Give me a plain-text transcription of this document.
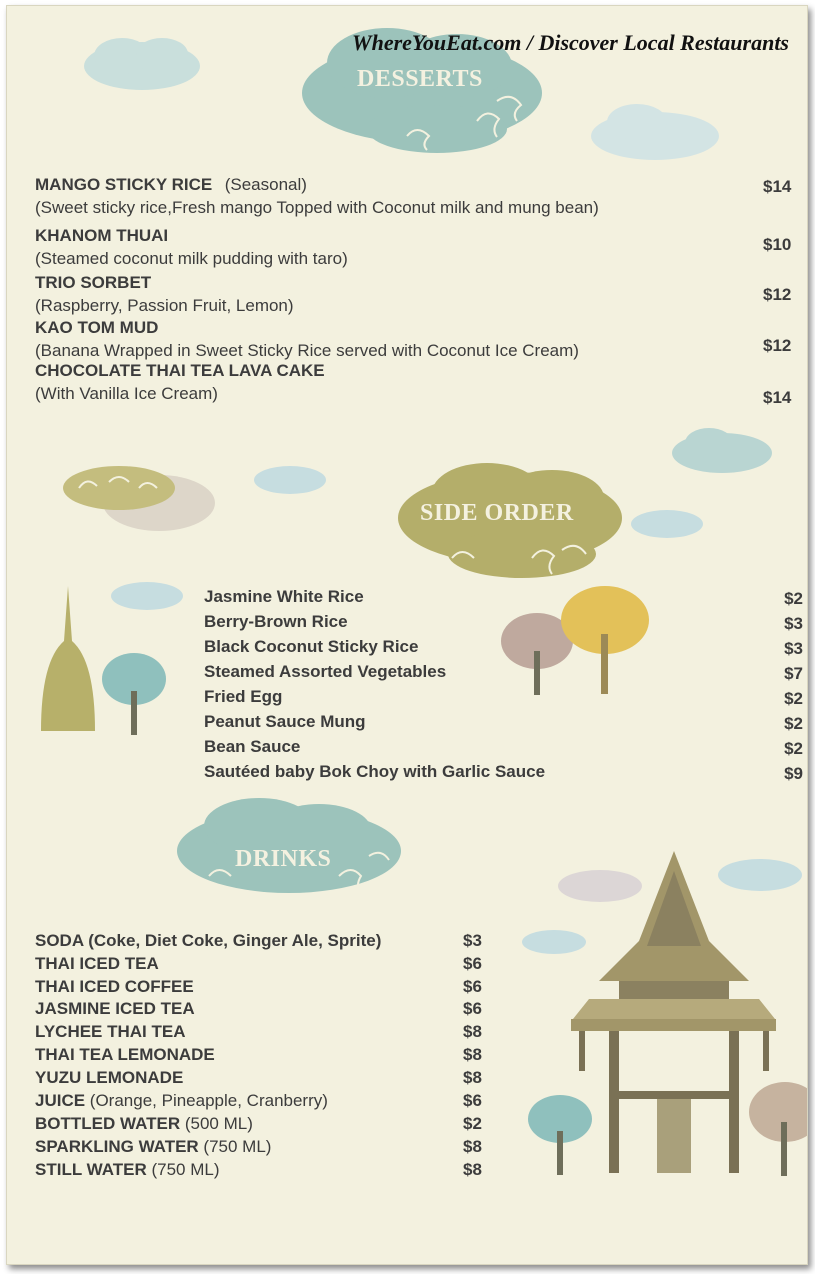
DESSERTS
MANGO STICKY RICE (Seasonal)
(Sweet sticky rice,Fresh mango Topped with Coconut milk and mung bean)
$14
KHANOM THUAI
(Steamed coconut milk pudding with taro)
$10
TRIO SORBET
(Raspberry, Passion Fruit, Lemon)
$12
KAO TOM MUD
(Banana Wrapped in Sweet Sticky Rice served with Coconut Ice Cream)	$12
CHOCOLATE THAI TEA LAVA CAKE
(With Vanilla Ice Cream)	$14
SIDE ORDER
Jasmine White Rice	$2
Berry-Brown Rice	$3
Black Coconut Sticky Rice	$3
Steamed Assorted Vegetables	$7
Fried Egg	$2
Peanut Sauce Mung	$2
Bean Sauce	$2
Sautéed baby Bok Choy with Garlic Sauce	$9
DRINKS
SODA (Coke, Diet Coke, Ginger Ale, Sprite)	$3
THAI ICED TEA	$6
THAI ICED COFFEE	$6
JASMINE ICED TEA	$6
LYCHEE THAI TEA	$8
THAI TEA LEMONADE	$8
YUZU LEMONADE	$8
JUICE (Orange, Pineapple, Cranberry)	$6
BOTTLED WATER (500 ML)	$2
SPARKLING WATER (750 ML)	$8
STILL WATER (750 ML)	$8
WhereYouEat.com / Discover Local Restaurants
